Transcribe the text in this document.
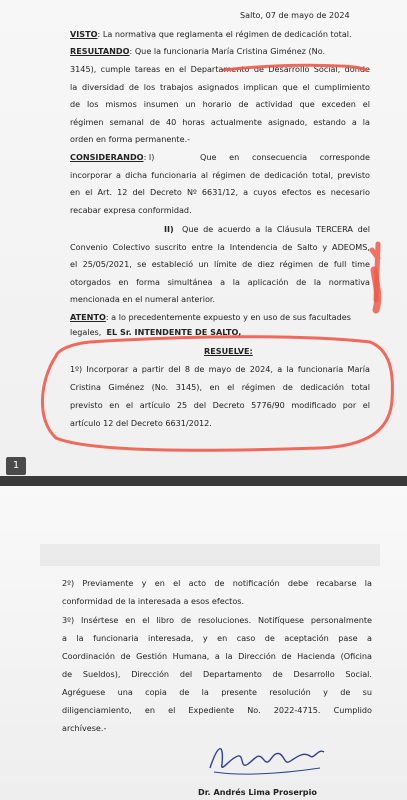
Salto, 07 de mayo de 2024
VISTO: La normativa que reglamenta el régimen de dedicación total.
RESULTANDO: Que la funcionaria María Cristina Giménez (No.
3145), cumple tareas en el Departamento de Desarrollo Social, donde
la diversidad de los trabajos asignados implican que el cumplimiento
de los mismos insumen un horario de actividad que exceden el
régimen semanal de 40 horas actualmente asignado, estando a la
orden en forma permanente.-
CONSIDERANDO: I)	Que en consecuencia corresponde
incorporar a dicha funcionaria al régimen de dedicación total, previsto
en el Art. 12 del Decreto Nº 6631/12, a cuyos efectos es necesario
recabar expresa conformidad.
II) Que de acuerdo a la Cláusula TERCERA del
Convenio Colectivo suscrito entre la Intendencia de Salto y ADEOMS,
el 25/05/2021, se estableció un límite de diez régimen de full time
otorgados en forma simultánea a la aplicación de la normativa
mencionada en el numeral anterior.
ATENTO: a lo precedentemente expuesto y en uso de sus facultades
legales, EL Sr. INTENDENTE DE SALTO,
RESUELVE:
1º) Incorporar a partir del 8 de mayo de 2024, a la funcionaria María
Cristina Giménez (No. 3145), en el régimen de dedicación total
previsto en el artículo 25 del Decreto 5776/90 modificado por el
artículo 12 del Decreto 6631/2012.
1
2º) Previamente y en el acto de notificación debe recabarse la
conformidad de la interesada a esos efectos.
3º) Insértese en el libro de resoluciones. Notifíquese personalmente
a la funcionaria interesada, y en caso de aceptación pase a
Coordinación de Gestión Humana, a la Dirección de Hacienda (Oficina
de Sueldos), Dirección del Departamento de Desarrollo Social.
Agréguese una copia de la presente resolución y de su
diligenciamiento, en el Expediente No. 2022-4715. Cumplido
archívese.-
Dr. Andrés Lima Proserpio
